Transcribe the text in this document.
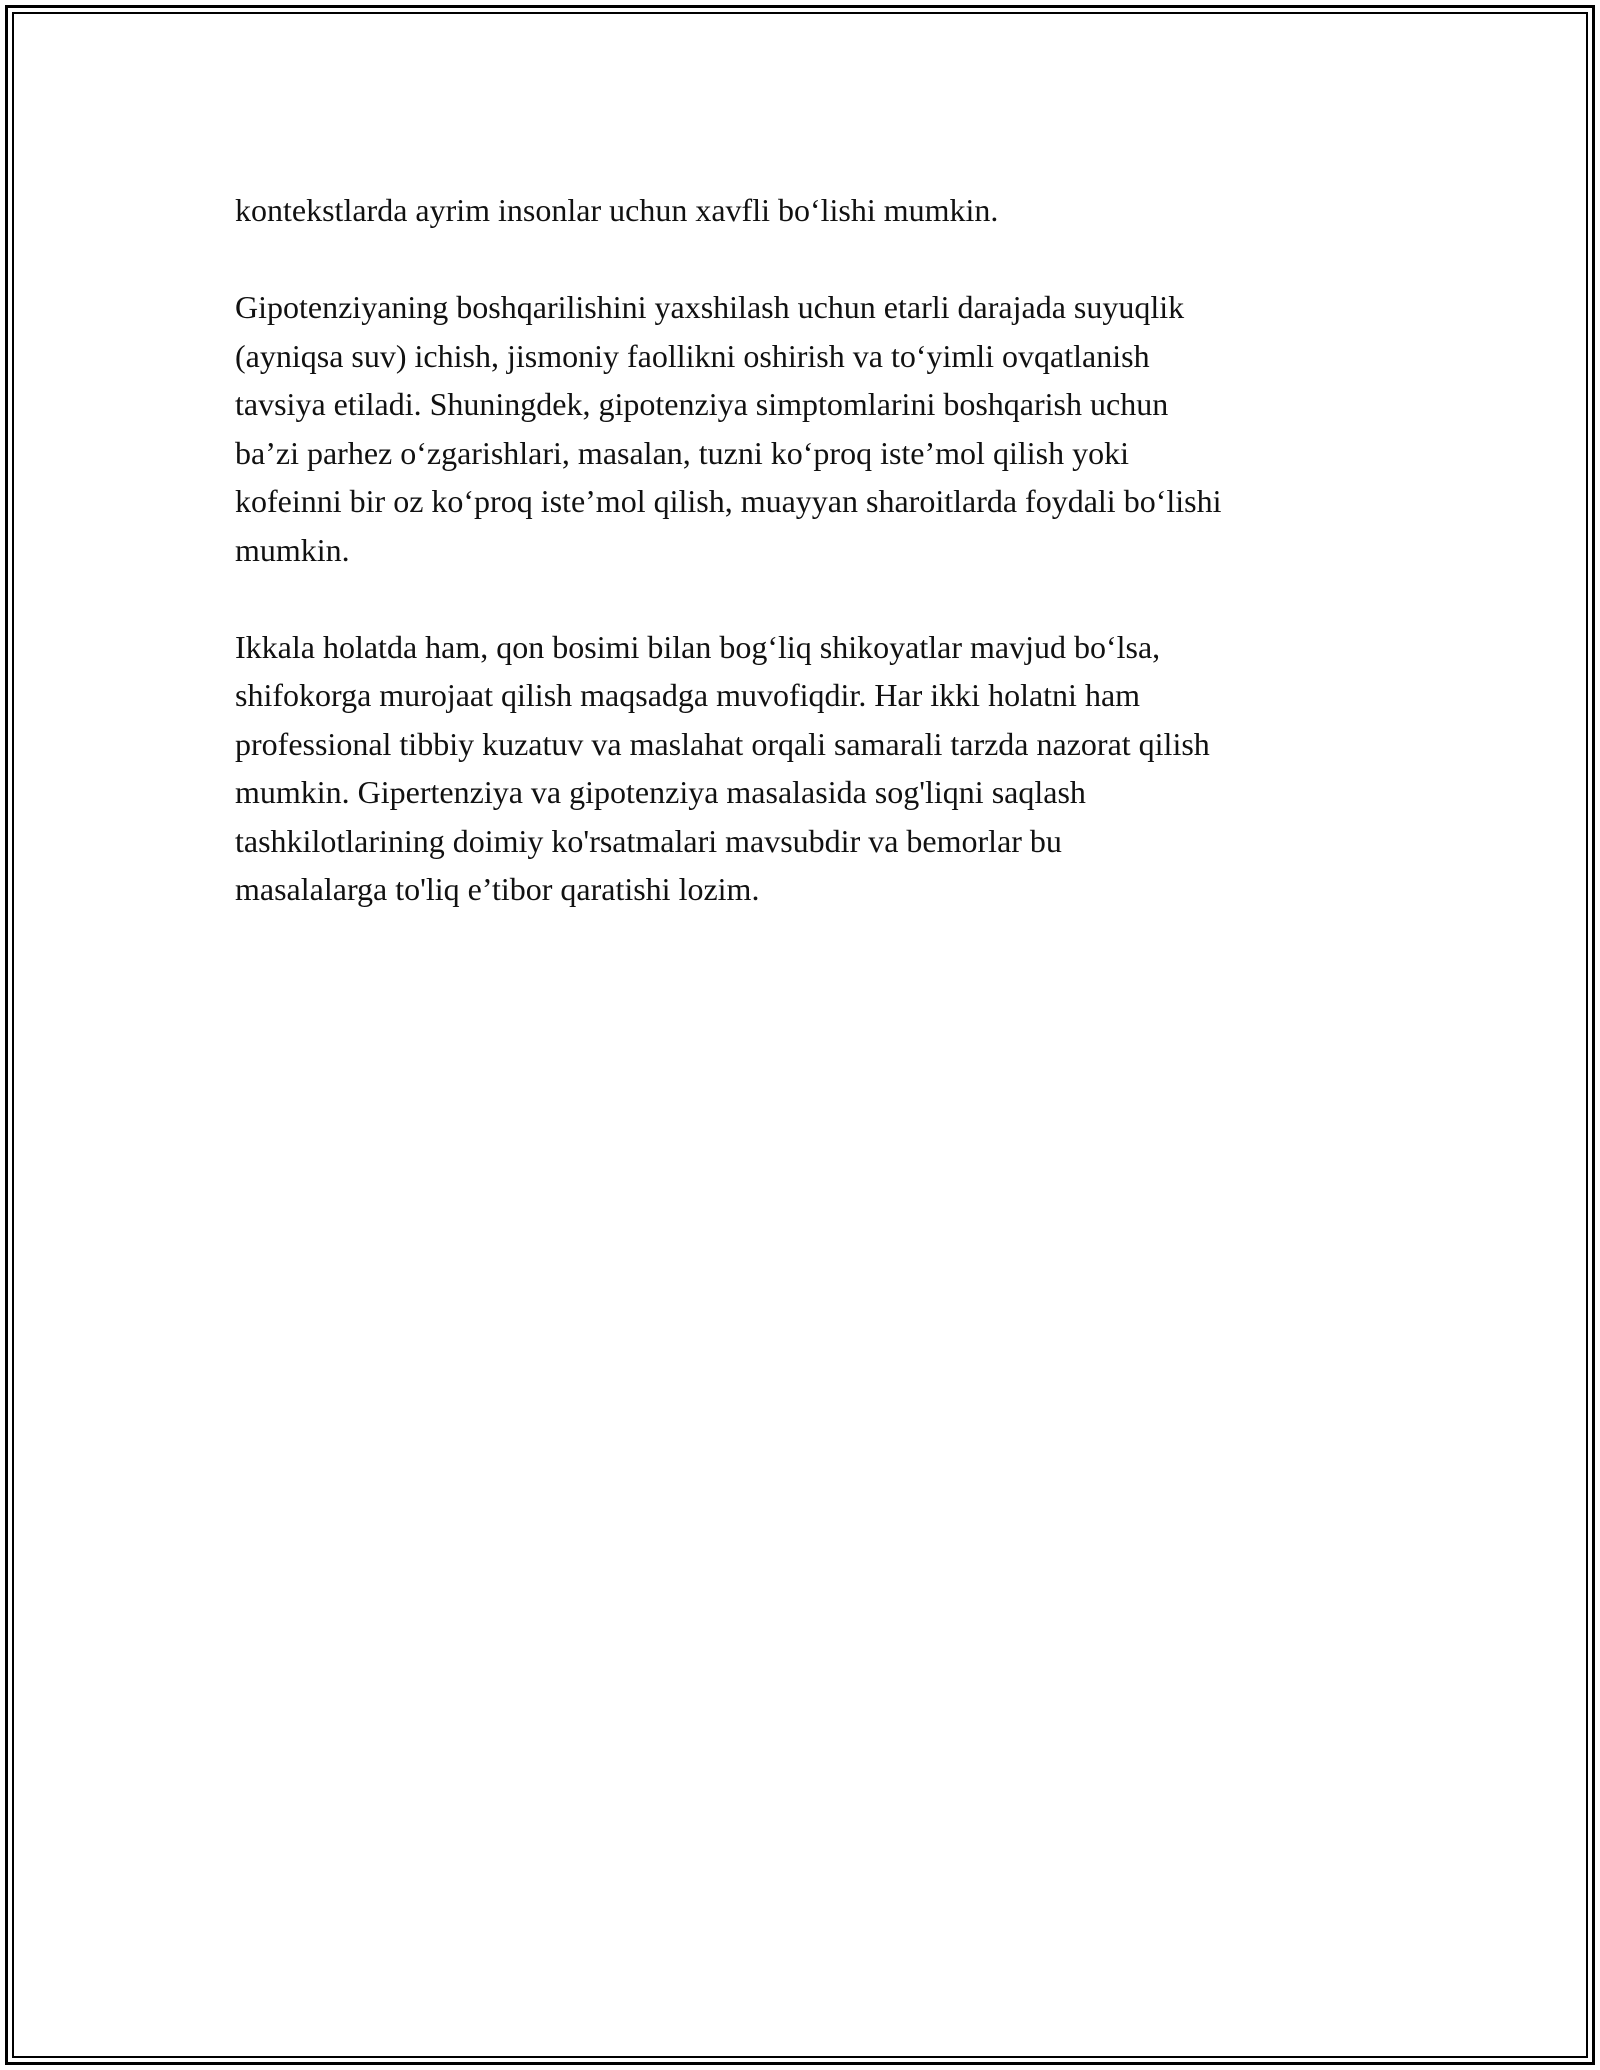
kontekstlarda ayrim insonlar uchun xavfli bo‘lishi mumkin.

Gipotenziyaning boshqarilishini yaxshilash uchun etarli darajada suyuqlik
(ayniqsa suv) ichish, jismoniy faollikni oshirish va to‘yimli ovqatlanish
tavsiya etiladi. Shuningdek, gipotenziya simptomlarini boshqarish uchun
ba’zi parhez o‘zgarishlari, masalan, tuzni ko‘proq iste’mol qilish yoki
kofeinni bir oz ko‘proq iste’mol qilish, muayyan sharoitlarda foydali bo‘lishi
mumkin.

Ikkala holatda ham, qon bosimi bilan bog‘liq shikoyatlar mavjud bo‘lsa,
shifokorga murojaat qilish maqsadga muvofiqdir. Har ikki holatni ham
professional tibbiy kuzatuv va maslahat orqali samarali tarzda nazorat qilish
mumkin. Gipertenziya va gipotenziya masalasida sog'liqni saqlash
tashkilotlarining doimiy ko'rsatmalari mavsubdir va bemorlar bu
masalalarga to'liq e’tibor qaratishi lozim.
